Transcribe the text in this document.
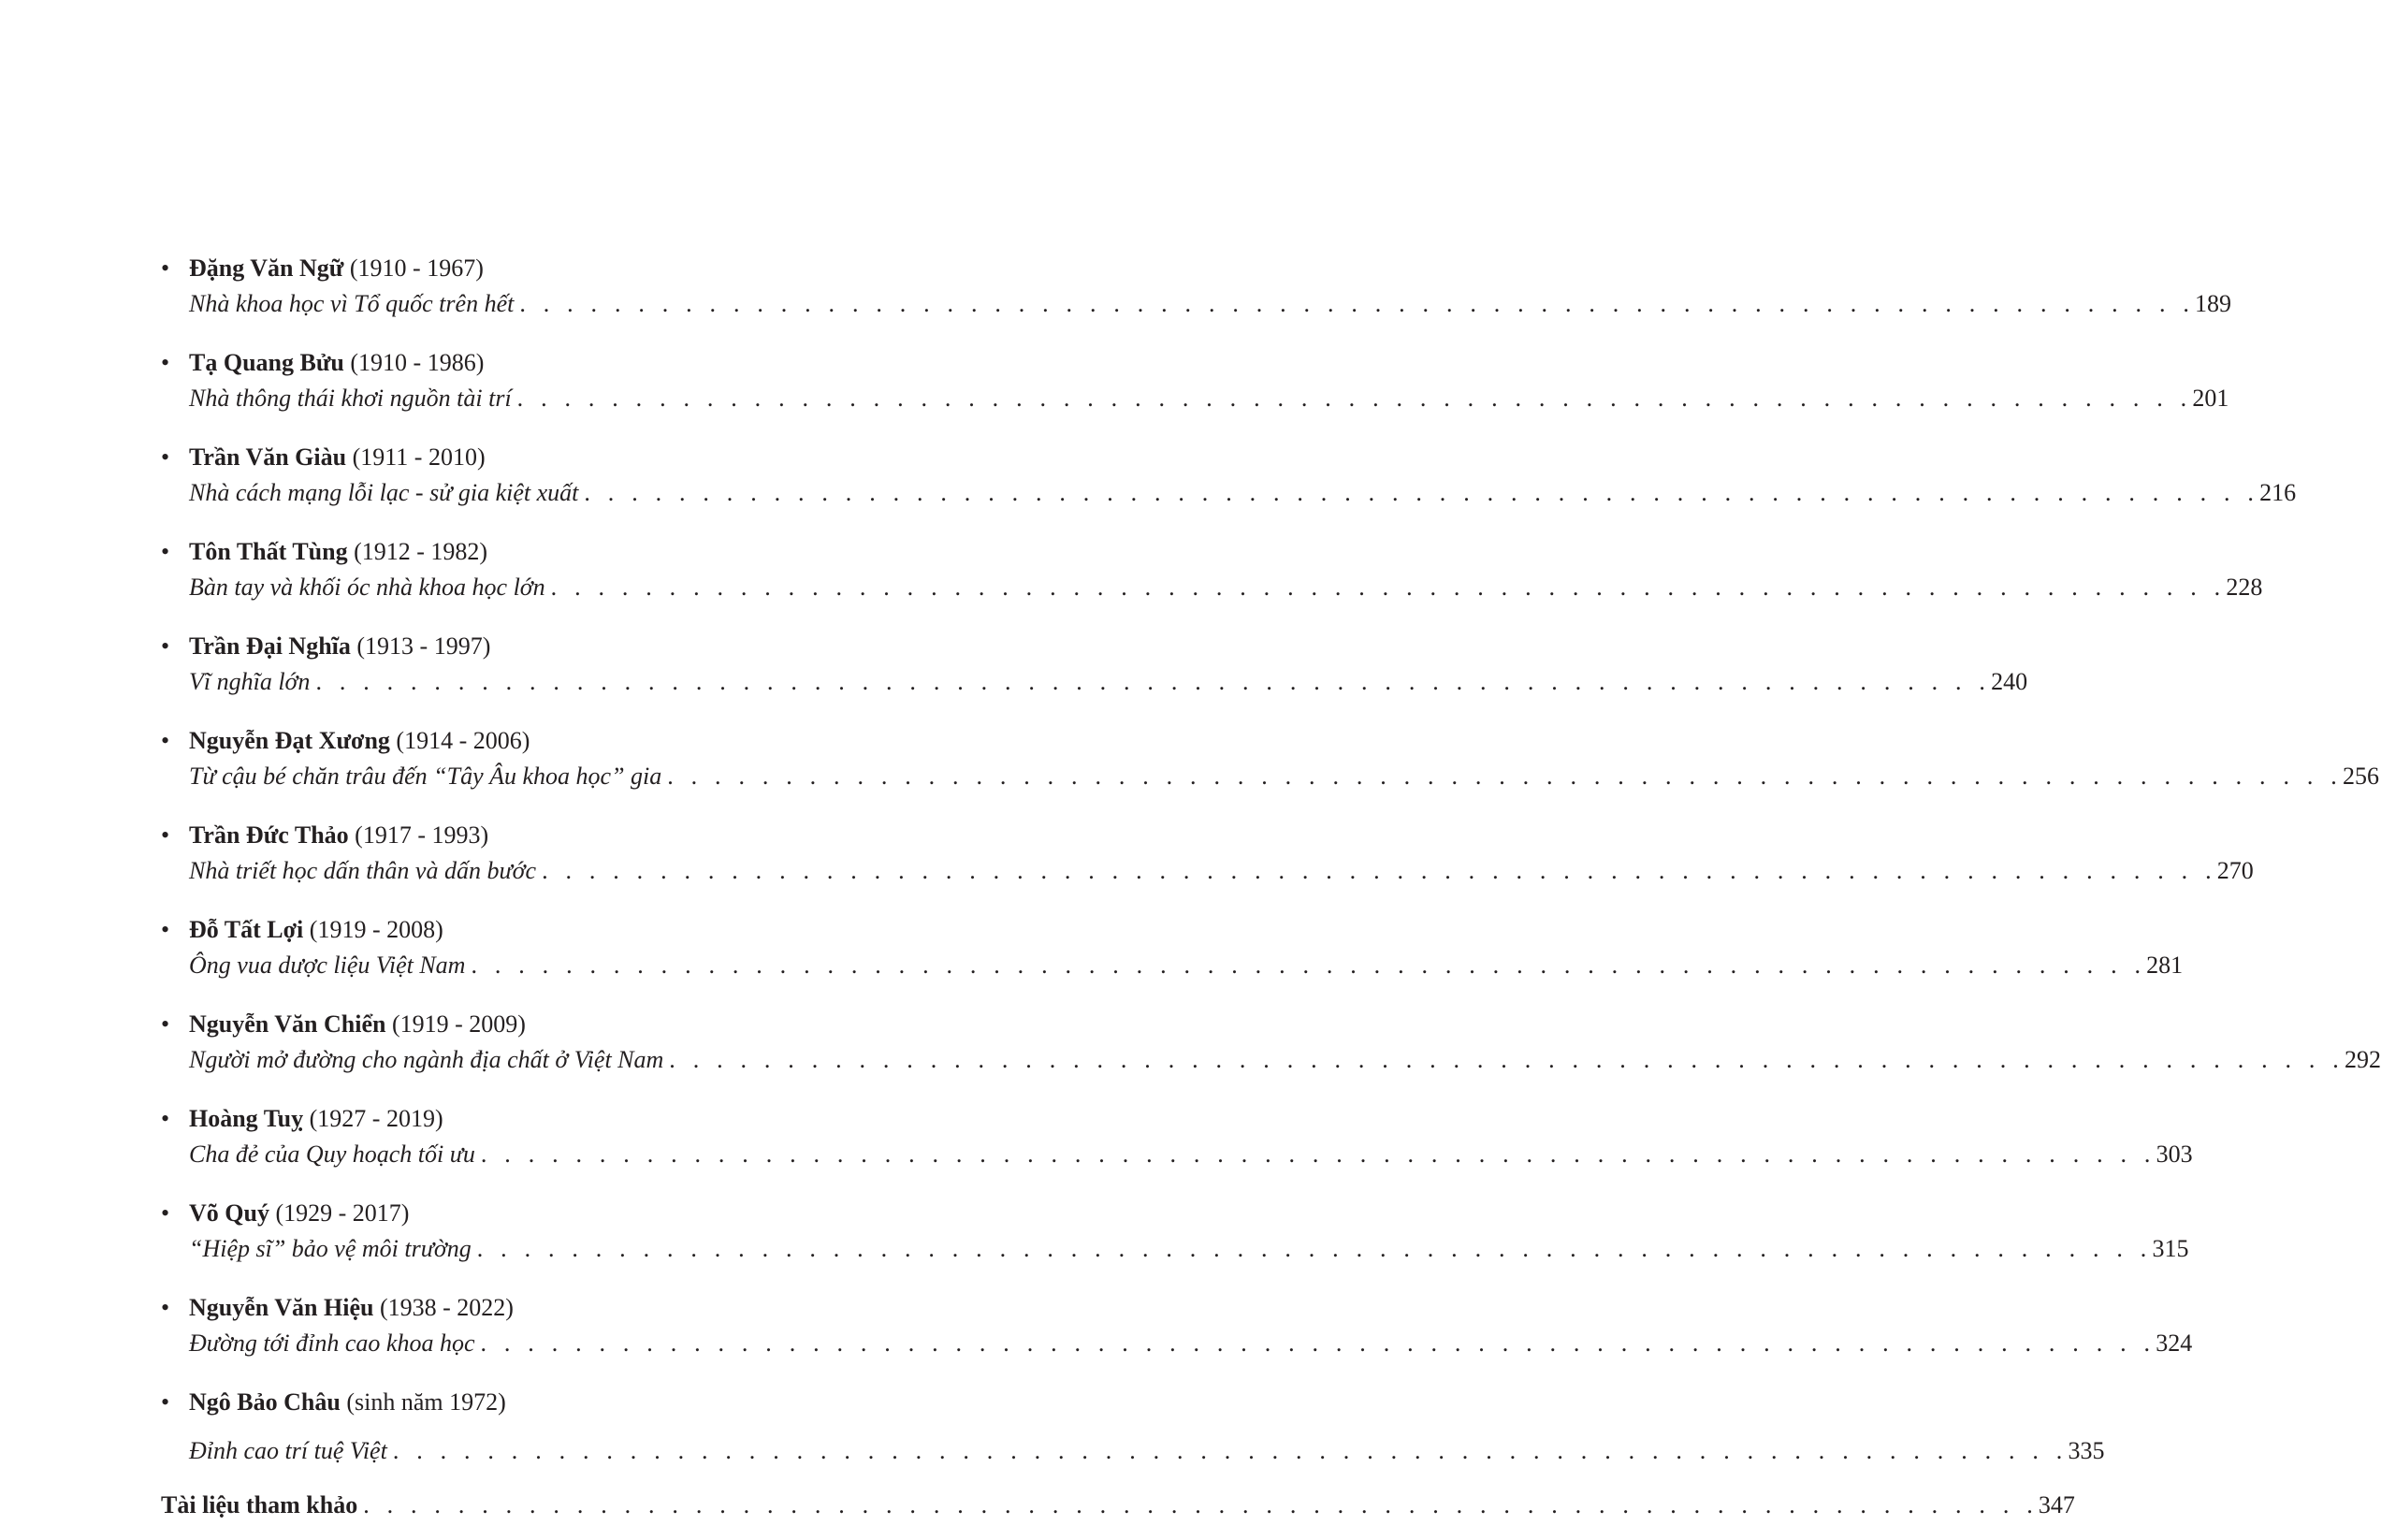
• Đặng Văn Ngữ (1910 - 1967)
Nhà khoa học vì Tổ quốc trên hết . . . . . . . . . . . . . . . . . . . . . . . . . . . . . . . . . . . . . . . . . . . . . . . . . . . . . . . . . . . . . . . . . . . . . . . 189
• Tạ Quang Bửu (1910 - 1986)
Nhà thông thái khơi nguồn tài trí . . . . . . . . . . . . . . . . . . . . . . . . . . . . . . . . . . . . . . . . . . . . . . . . . . . . . . . . . . . . . . . . . . . . . . . 201
• Trần Văn Giàu (1911 - 2010)
Nhà cách mạng lỗi lạc - sử gia kiệt xuất . . . . . . . . . . . . . . . . . . . . . . . . . . . . . . . . . . . . . . . . . . . . . . . . . . . . . . . . . . . . . . . . . . . . . . . 216
• Tôn Thất Tùng (1912 - 1982)
Bàn tay và khối óc nhà khoa học lớn . . . . . . . . . . . . . . . . . . . . . . . . . . . . . . . . . . . . . . . . . . . . . . . . . . . . . . . . . . . . . . . . . . . . . . . 228
• Trần Đại Nghĩa (1913 - 1997)
Vĩ nghĩa lớn . . . . . . . . . . . . . . . . . . . . . . . . . . . . . . . . . . . . . . . . . . . . . . . . . . . . . . . . . . . . . . . . . . . . . . . 240
• Nguyễn Đạt Xương (1914 - 2006)
Từ cậu bé chăn trâu đến “Tây Âu khoa học” gia . . . . . . . . . . . . . . . . . . . . . . . . . . . . . . . . . . . . . . . . . . . . . . . . . . . . . . . . . . . . . . . . . . . . . . . 256
• Trần Đức Thảo (1917 - 1993)
Nhà triết học dấn thân và dấn bước . . . . . . . . . . . . . . . . . . . . . . . . . . . . . . . . . . . . . . . . . . . . . . . . . . . . . . . . . . . . . . . . . . . . . . . 270
• Đỗ Tất Lợi (1919 - 2008)
Ông vua dược liệu Việt Nam . . . . . . . . . . . . . . . . . . . . . . . . . . . . . . . . . . . . . . . . . . . . . . . . . . . . . . . . . . . . . . . . . . . . . . . 281
• Nguyễn Văn Chiển (1919 - 2009)
Người mở đường cho ngành địa chất ở Việt Nam . . . . . . . . . . . . . . . . . . . . . . . . . . . . . . . . . . . . . . . . . . . . . . . . . . . . . . . . . . . . . . . . . . . . . . . 292
• Hoàng Tuỵ (1927 - 2019)
Cha đẻ của Quy hoạch tối ưu . . . . . . . . . . . . . . . . . . . . . . . . . . . . . . . . . . . . . . . . . . . . . . . . . . . . . . . . . . . . . . . . . . . . . . . 303
• Võ Quý (1929 - 2017)
“Hiệp sĩ” bảo vệ môi trường . . . . . . . . . . . . . . . . . . . . . . . . . . . . . . . . . . . . . . . . . . . . . . . . . . . . . . . . . . . . . . . . . . . . . . . 315
• Nguyễn Văn Hiệu (1938 - 2022)
Đường tới đỉnh cao khoa học . . . . . . . . . . . . . . . . . . . . . . . . . . . . . . . . . . . . . . . . . . . . . . . . . . . . . . . . . . . . . . . . . . . . . . . 324
• Ngô Bảo Châu (sinh năm 1972)
Đỉnh cao trí tuệ Việt . . . . . . . . . . . . . . . . . . . . . . . . . . . . . . . . . . . . . . . . . . . . . . . . . . . . . . . . . . . . . . . . . . . . . . . 335
Tài liệu tham khảo . . . . . . . . . . . . . . . . . . . . . . . . . . . . . . . . . . . . . . . . . . . . . . . . . . . . . . . . . . . . . . . . . . . . . . . 347
